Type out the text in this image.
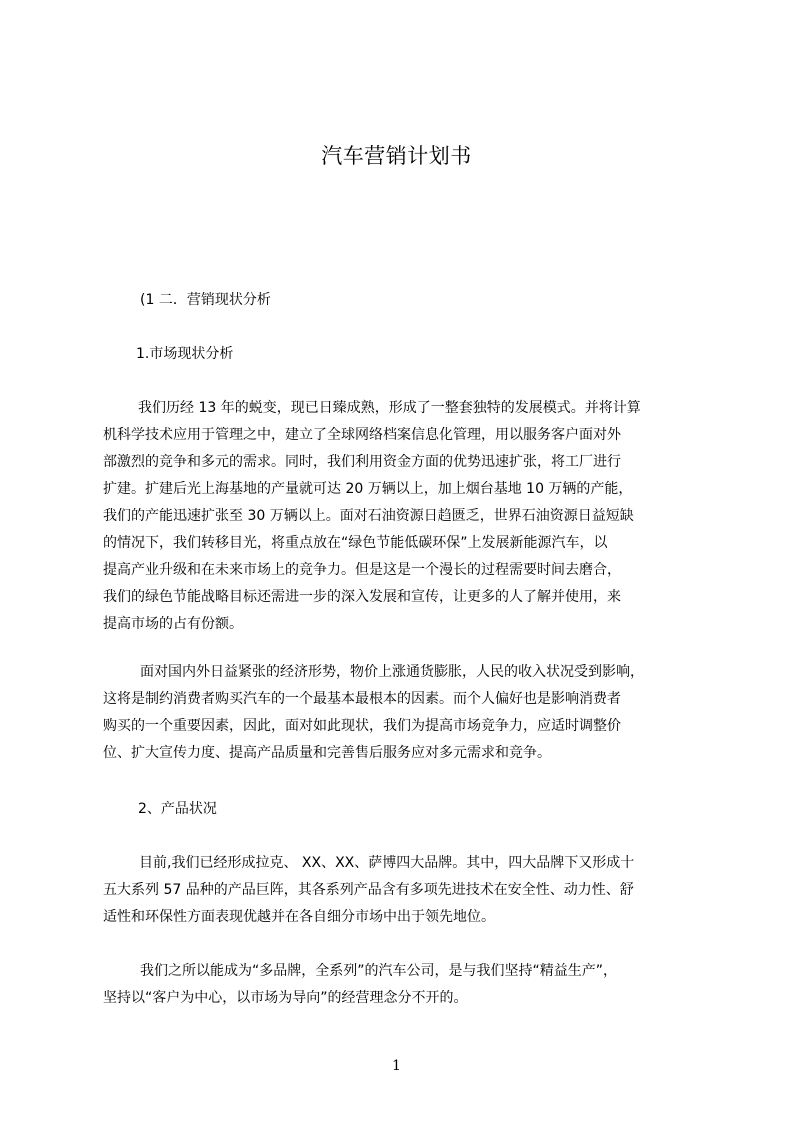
汽车营销计划书
(1 二．营销现状分析
1.市场现状分析
我们历经 13 年的蜕变，现已日臻成熟，形成了一整套独特的发展模式。并将计算
机科学技术应用于管理之中，建立了全球网络档案信息化管理，用以服务客户面对外
部激烈的竞争和多元的需求。同时，我们利用资金方面的优势迅速扩张，将工厂进行
扩建。扩建后光上海基地的产量就可达 20 万辆以上，加上烟台基地 10 万辆的产能，
我们的产能迅速扩张至 30 万辆以上。面对石油资源日趋匮乏，世界石油资源日益短缺
的情况下，我们转移目光，将重点放在“绿色节能低碳环保”上发展新能源汽车，以
提高产业升级和在未来市场上的竞争力。但是这是一个漫长的过程需要时间去磨合，
我们的绿色节能战略目标还需进一步的深入发展和宣传，让更多的人了解并使用，来
提高市场的占有份额。
面对国内外日益紧张的经济形势，物价上涨通货膨胀，人民的收入状况受到影响，
这将是制约消费者购买汽车的一个最基本最根本的因素。而个人偏好也是影响消费者
购买的一个重要因素，因此，面对如此现状，我们为提高市场竞争力，应适时调整价
位、扩大宣传力度、提高产品质量和完善售后服务应对多元需求和竞争。
2、产品状况
目前,我们已经形成拉克、 XX、XX、萨博四大品牌。其中，四大品牌下又形成十
五大系列 57 品种的产品巨阵，其各系列产品含有多项先进技术在安全性、动力性、舒
适性和环保性方面表现优越并在各自细分市场中出于领先地位。
我们之所以能成为“多品牌，全系列”的汽车公司，是与我们坚持“精益生产”，
坚持以“客户为中心，以市场为导向”的经营理念分不开的。
1
